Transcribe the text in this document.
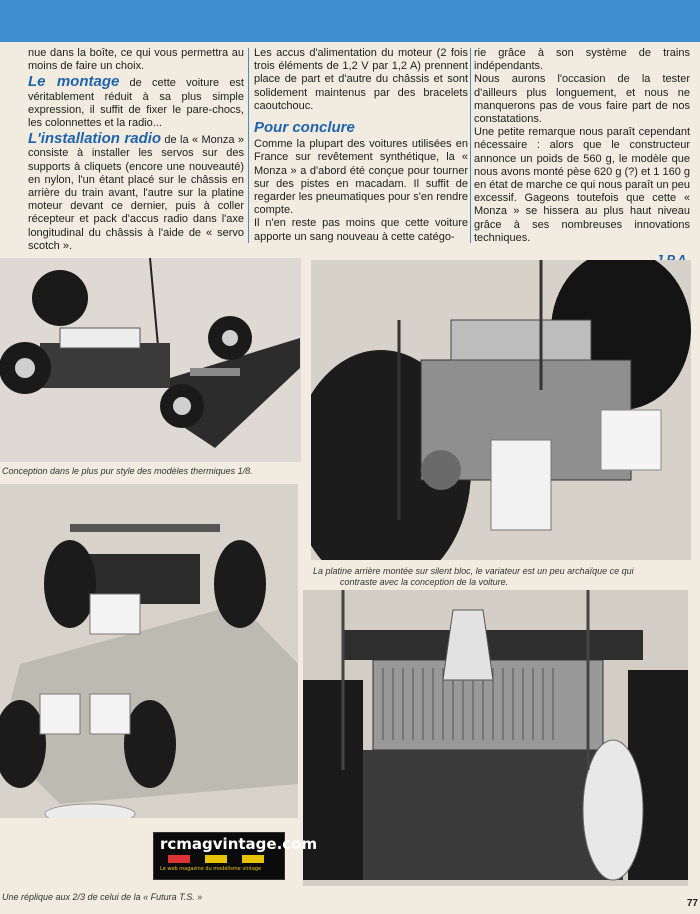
nue dans la boîte, ce qui vous permettra au moins de faire un choix.

Le montage de cette voiture est véritablement réduit à sa plus simple expression, il suffit de fixer le pare-chocs, les colonnettes et la radio...

L'installation radio de la « Monza » consiste à installer les servos sur des supports à cliquets (encore une nouveauté) en nylon, l'un étant placé sur le châssis en arrière du train avant, l'autre sur la platine moteur devant ce dernier, puis à coller récepteur et pack d'accus radio dans l'axe longitudinal du châssis à l'aide de « servo scotch ».

Les accus d'alimentation du moteur (2 fois trois éléments de 1,2 V par 1,2 A) prennent place de part et d'autre du châssis et sont solidement maintenus par des bracelets caoutchouc.

Pour conclure

Comme la plupart des voitures utilisées en France sur revêtement synthétique, la « Monza » a d'abord été conçue pour tourner sur des pistes en macadam. Il suffit de regarder les pneumatiques pour s'en rendre compte.

Il n'en reste pas moins que cette voiture apporte un sang nouveau à cette catégo-

rie grâce à son système de trains indépendants.

Nous aurons l'occasion de la tester d'ailleurs plus longuement, et nous ne manquerons pas de vous faire part de nos constatations.

Une petite remarque nous paraît cependant nécessaire : alors que le constructeur annonce un poids de 560 g, le modèle que nous avons monté pèse 620 g (?) et 1 160 g en état de marche ce qui nous paraît un peu excessif. Gageons toutefois que cette « Monza » se hissera au plus haut niveau grâce à ses nombreuses innovations techniques.

Conception dans le plus pur style des modèles thermiques 1/8.
La platine arrière montée sur silent bloc, le variateur est un peu archaïque ce qui
contraste avec la conception de la voiture.
rcmagvintage.com
Le web magazine du modélisme vintage
Une réplique aux 2/3 de celui de la « Futura T.S. »
77
